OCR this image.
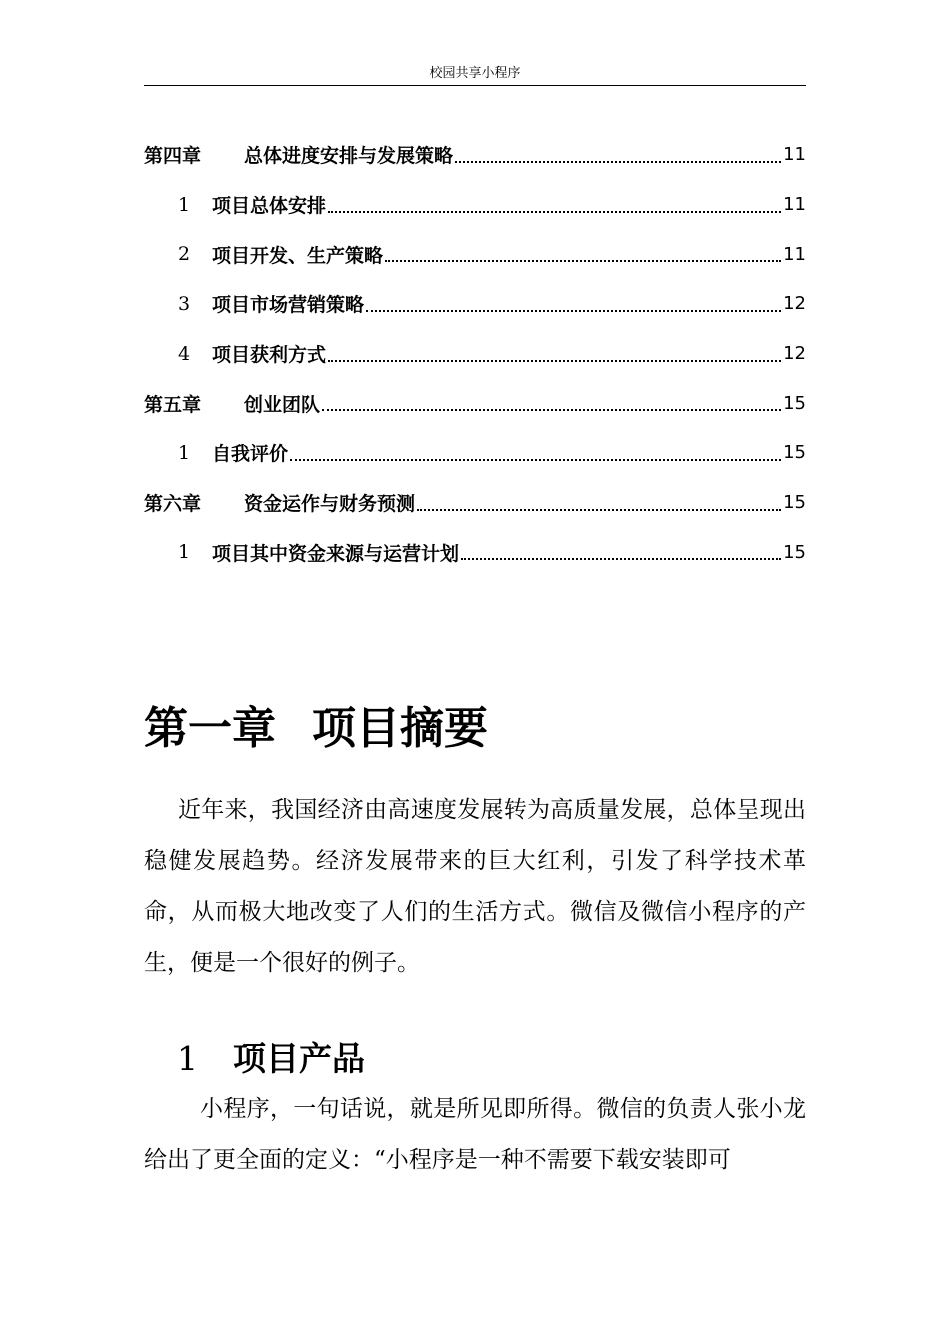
校园共享小程序
第四章	总体进度安排与发展策略	11
1	项目总体安排	11
2	项目开发、生产策略	11
3	项目市场营销策略	12
4	项目获利方式	12
第五章	创业团队	15
1	自我评价	15
第六章	资金运作与财务预测	15
1	项目其中资金来源与运营计划	15
第一章 项目摘要

近年来，我国经济由高速度发展转为高质量发展，总体呈现出稳健发展趋势。经济发展带来的巨大红利，引发了科学技术革命，从而极大地改变了人们的生活方式。微信及微信小程序的产生，便是一个很好的例子。

1 项目产品

小程序，一句话说，就是所见即所得。微信的负责人张小龙给出了更全面的定义：“小程序是一种不需要下载安装即可
